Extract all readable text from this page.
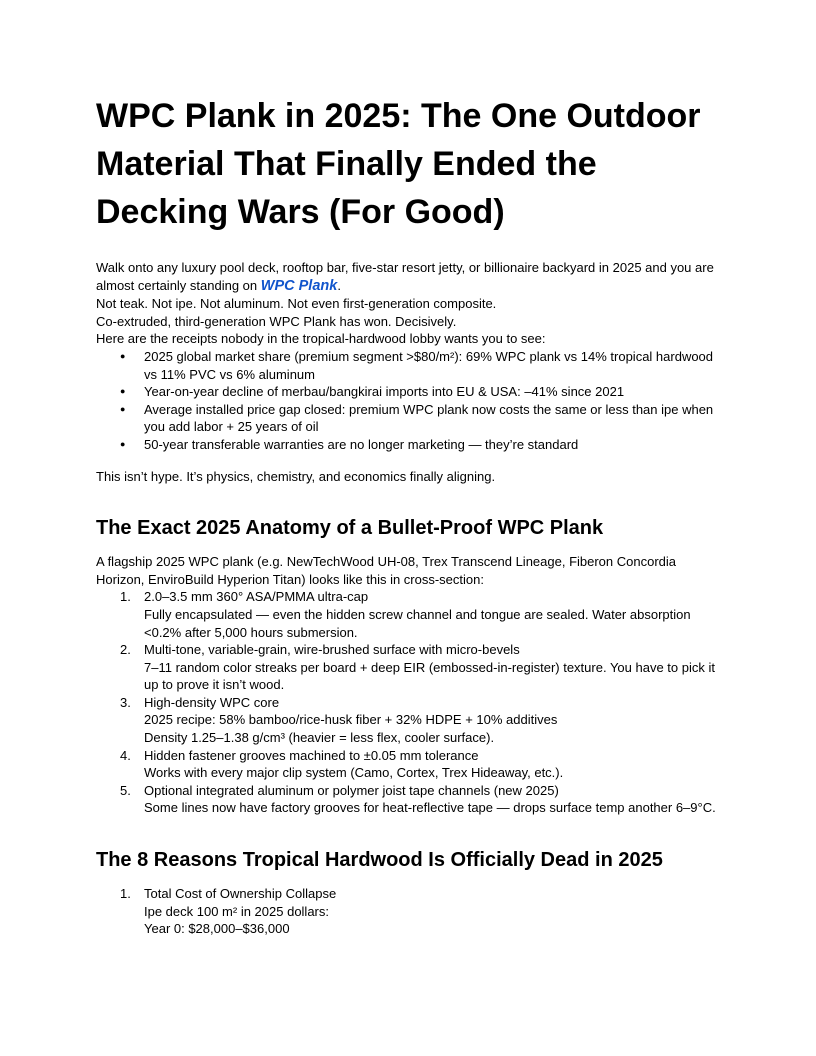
WPC Plank in 2025: The One Outdoor Material That Finally Ended the Decking Wars (For Good)

Walk onto any luxury pool deck, rooftop bar, five-star resort jetty, or billionaire backyard in 2025 and you are almost certainly standing on WPC Plank.

Not teak. Not ipe. Not aluminum. Not even first-generation composite.

Co-extruded, third-generation WPC Plank has won. Decisively.

Here are the receipts nobody in the tropical-hardwood lobby wants you to see:

● 2025 global market share (premium segment >$80/m²): 69% WPC plank vs 14% tropical hardwood vs 11% PVC vs 6% aluminum
● Year-on-year decline of merbau/bangkirai imports into EU & USA: –41% since 2021
● Average installed price gap closed: premium WPC plank now costs the same or less than ipe when you add labor + 25 years of oil
● 50-year transferable warranties are no longer marketing — they’re standard

This isn’t hype. It’s physics, chemistry, and economics finally aligning.

The Exact 2025 Anatomy of a Bullet-Proof WPC Plank

A flagship 2025 WPC plank (e.g. NewTechWood UH-08, Trex Transcend Lineage, Fiberon Concordia Horizon, EnviroBuild Hyperion Titan) looks like this in cross-section:

1. 2.0–3.5 mm 360° ASA/PMMA ultra-cap
Fully encapsulated — even the hidden screw channel and tongue are sealed. Water absorption <0.2% after 5,000 hours submersion.
2. Multi-tone, variable-grain, wire-brushed surface with micro-bevels
7–11 random color streaks per board + deep EIR (embossed-in-register) texture. You have to pick it up to prove it isn’t wood.
3. High-density WPC core
2025 recipe: 58% bamboo/rice-husk fiber + 32% HDPE + 10% additives
Density 1.25–1.38 g/cm³ (heavier = less flex, cooler surface).
4. Hidden fastener grooves machined to ±0.05 mm tolerance
Works with every major clip system (Camo, Cortex, Trex Hideaway, etc.).
5. Optional integrated aluminum or polymer joist tape channels (new 2025)
Some lines now have factory grooves for heat-reflective tape — drops surface temp another 6–9°C.
The 8 Reasons Tropical Hardwood Is Officially Dead in 2025
1. Total Cost of Ownership Collapse
Ipe deck 100 m² in 2025 dollars:
Year 0: $28,000–$36,000
